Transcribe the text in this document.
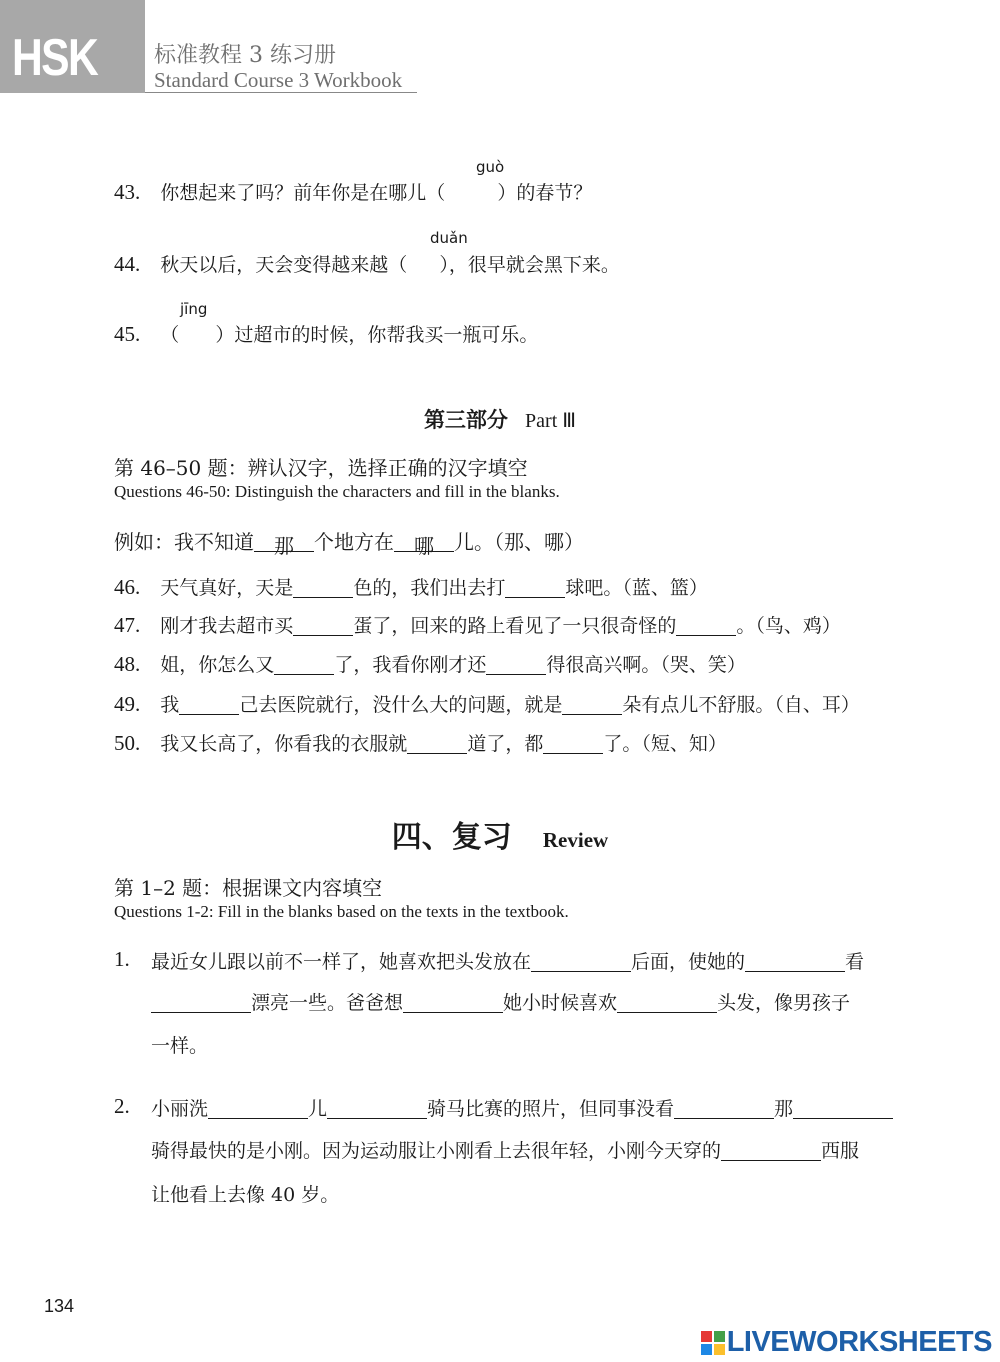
HSK	标准教程 3 练习册
Standard Course 3 Workbook
guò
43. 你想起来了吗？前年你是在哪儿（	）的春节？
duǎn
44. 秋天以后，天会变得越来越（ ），很早就会黑下来。
jīng
45. （ ）过超市的时候，你帮我买一瓶可乐。
第三部分 Part Ⅲ
第 46–50 题：辨认汉字，选择正确的汉字填空
Questions 46-50: Distinguish the characters and fill in the blanks.
例如：我不知道 那 个地方在 哪 儿。（那、哪）
46. 天气真好，天是	色的，我们出去打	球吧。（蓝、篮）
47. 刚才我去超市买	蛋了，回来的路上看见了一只很奇怪的	。（鸟、鸡）
48. 姐，你怎么又	了，我看你刚才还	得很高兴啊。（哭、笑）
49. 我	己去医院就行，没什么大的问题，就是	朵有点儿不舒服。（自、耳）
50. 我又长高了，你看我的衣服就	道了，都	了。（短、知）
四、复习 Review
第 1–2 题：根据课文内容填空
Questions 1-2: Fill in the blanks based on the texts in the textbook.
1. 最近女儿跟以前不一样了，她喜欢把头发放在	后面，使她的	看
漂亮一些。爸爸想	她小时候喜欢	头发，像男孩子
一样。
2. 小丽洗	儿	骑马比赛的照片，但同事没看	那
骑得最快的是小刚。因为运动服让小刚看上去很年轻，小刚今天穿的	西服
让他看上去像 40 岁。
134
LIVEWORKSHEETS
